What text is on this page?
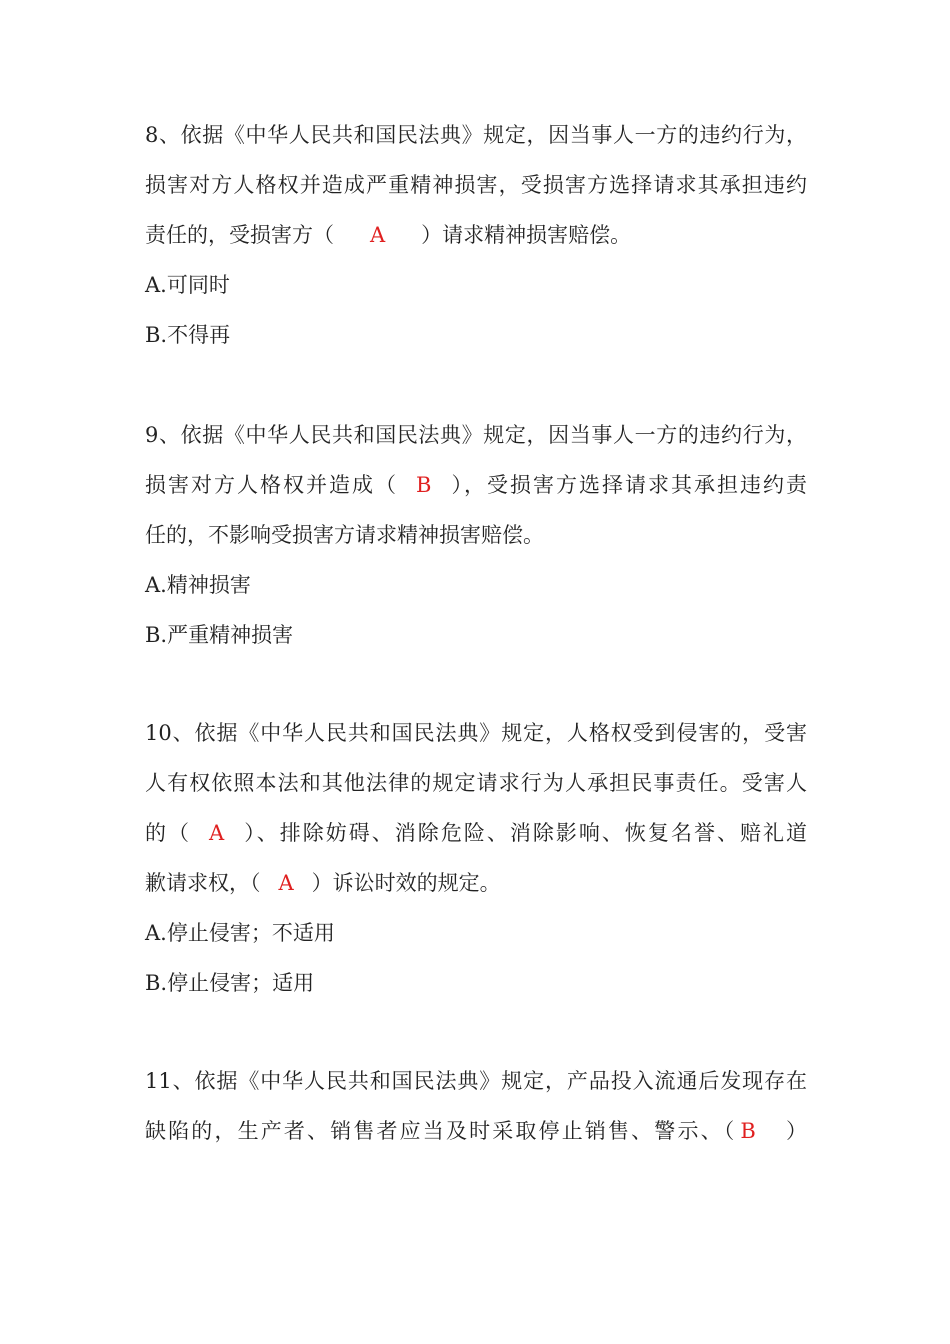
8、依据《中华人民共和国民法典》规定，因当事人一方的违约行为，
损害对方人格权并造成严重精神损害，受损害方选择请求其承担违约
责任的，受损害方（ A ）请求精神损害赔偿。
A.可同时
B.不得再
9、依据《中华人民共和国民法典》规定，因当事人一方的违约行为，
损害对方人格权并造成（ B ），受损害方选择请求其承担违约责
任的，不影响受损害方请求精神损害赔偿。
A.精神损害
B.严重精神损害
10、依据《中华人民共和国民法典》规定，人格权受到侵害的，受害
人有权依照本法和其他法律的规定请求行为人承担民事责任。受害人
的（ A ）、排除妨碍、消除危险、消除影响、恢复名誉、赔礼道
歉请求权，（ A ）诉讼时效的规定。
A.停止侵害；不适用
B.停止侵害；适用
11、依据《中华人民共和国民法典》规定，产品投入流通后发现存在
缺陷的，生产者、销售者应当及时采取停止销售、警示、（ B ）
